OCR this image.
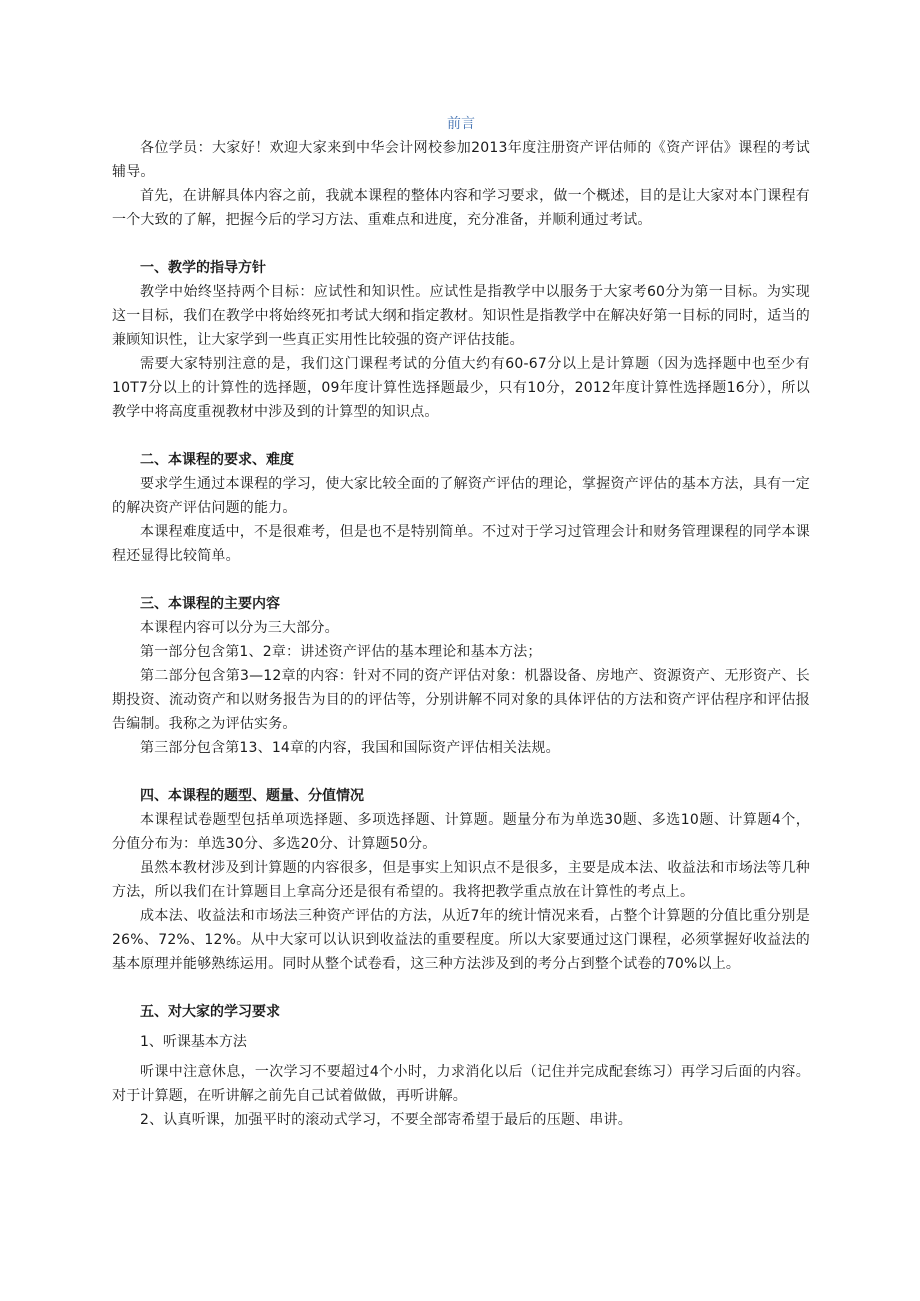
前言

各位学员：大家好！欢迎大家来到中华会计网校参加2013年度注册资产评估师的《资产评估》课程的考试辅导。

首先，在讲解具体内容之前，我就本课程的整体内容和学习要求，做一个概述，目的是让大家对本门课程有一个大致的了解，把握今后的学习方法、重难点和进度，充分准备，并顺利通过考试。

一、教学的指导方针

教学中始终坚持两个目标：应试性和知识性。应试性是指教学中以服务于大家考60分为第一目标。为实现这一目标，我们在教学中将始终死扣考试大纲和指定教材。知识性是指教学中在解决好第一目标的同时，适当的兼顾知识性，让大家学到一些真正实用性比较强的资产评估技能。

需要大家特别注意的是，我们这门课程考试的分值大约有60-67分以上是计算题（因为选择题中也至少有10T7分以上的计算性的选择题，09年度计算性选择题最少，只有10分，2012年度计算性选择题16分），所以教学中将高度重视教材中涉及到的计算型的知识点。

二、本课程的要求、难度

要求学生通过本课程的学习，使大家比较全面的了解资产评估的理论，掌握资产评估的基本方法，具有一定的解决资产评估问题的能力。

本课程难度适中，不是很难考，但是也不是特别简单。不过对于学习过管理会计和财务管理课程的同学本课程还显得比较简单。

三、本课程的主要内容

本课程内容可以分为三大部分。

第一部分包含第1、2章：讲述资产评估的基本理论和基本方法；

第二部分包含第3—12章的内容：针对不同的资产评估对象：机器设备、房地产、资源资产、无形资产、长期投资、流动资产和以财务报告为目的的评估等，分别讲解不同对象的具体评估的方法和资产评估程序和评估报告编制。我称之为评估实务。

第三部分包含第13、14章的内容，我国和国际资产评估相关法规。

四、本课程的题型、题量、分值情况

本课程试卷题型包括单项选择题、多项选择题、计算题。题量分布为单选30题、多选10题、计算题4个，分值分布为：单选30分、多选20分、计算题50分。

虽然本教材涉及到计算题的内容很多，但是事实上知识点不是很多，主要是成本法、收益法和市场法等几种方法，所以我们在计算题目上拿高分还是很有希望的。我将把教学重点放在计算性的考点上。

成本法、收益法和市场法三种资产评估的方法，从近7年的统计情况来看，占整个计算题的分值比重分别是26%、72%、12%。从中大家可以认识到收益法的重要程度。所以大家要通过这门课程，必须掌握好收益法的基本原理并能够熟练运用。同时从整个试卷看，这三种方法涉及到的考分占到整个试卷的70%以上。

五、对大家的学习要求

1、听课基本方法

听课中注意休息，一次学习不要超过4个小时，力求消化以后（记住并完成配套练习）再学习后面的内容。对于计算题，在听讲解之前先自己试着做做，再听讲解。

2、认真听课，加强平时的滚动式学习，不要全部寄希望于最后的压题、串讲。
